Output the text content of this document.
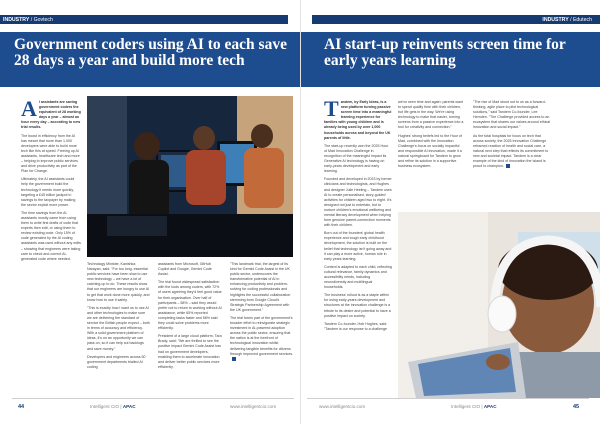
INDUSTRY / Govtech
Government coders using AI to each save 28 days a year and build more tech

A I assistants are saving government coders the equivalent of 28 working days a year – almost an hour every day – according to new trial results.

The boost in efficiency from the AI has meant that more than 1,000 developers were able to build more tech like this at speed. Freeing up AI assistants, healthcare tech and more – helping to improve public services and drive productivity as part of the Plan for Change.

Ultimately, the AI assistants could help the government build the technology it needs more quickly, targeting a £45 billion jackpot in savings to the taxpayer by making the sector exploit more power.

The time savings from the AI assistants mostly came from using them to write first drafts of code that experts then edit, or using them to review existing code. Only 15% of code generated by the AI coding assistants was used without any edits – showing that engineers were taking care to check and correct AI-generated code where needed.

Technology Minister, Kanishka Narayan, said: "For too long, essential public services have been slow to use new technology – we have a lot of catching up to do. These results show that our engineers are hungry to use AI to get that work done more quickly, and know how to use it safely.

"This is exactly how I want us to use AI and other technologies to make sure we are delivering the standard of service the British people expect – both in terms of accuracy and efficiency. With a solid government platform of ideas, it's on an opportunity we can pass on, so it can help cut backlogs and save money."

Developers and engineers across 50 government departments trialled AI coding

assistants from Microsoft, GitHub Copilot and Google, Gemini Code Assist.

The trial found widespread satisfaction with the tools among coders, with 72% of users agreeing they'd feel good value for their organisation. Over half of participants – 58% – said they would prefer not to return to working without AI assistance, while 65% reported completing tasks faster and 56% said they could solve problems more efficiently.

President of a large cloud platform, Tara Brady, said: "We are thrilled to see the positive impact Gemini Code Assist has had on government developers, enabling them to accelerate innovation and deliver better public services more efficiently.

"This landmark trial, the largest of its kind for Gemini Code Assist in the UK public sector, underscores the transformative potential of AI in enhancing productivity and problem-solving for coding professionals and highlights the successful collaboration stemming from Google Cloud's Strategic Partnership Agreement with the UK government."

The trial forms part of the government's broader effort to reinvigorate strategic investment in AI-powered adoption across the public sector, ensuring that the nation is at the forefront of technological innovation whilst delivering tangible benefits for citizens through improved government services.

44	Intelligent CIO | APAC	www.intelligentcio.com
INDUSTRY / Edutech
AI start-up reinvents screen time for early years learning

Tandem, by Early Ideas, is a new platform turning passive screen time into a meaningful learning experience for families with young children and is already being used by over 1,000 households across and beyond the UK parents of little.

The start-up recently won the 2025 Hour of Mad Innovation Challenge in recognition of the meaningful impact its Generative AI technology is having on early-years development and early learning.

Founded and developed in 2023 by former clinicians and technologists, and Hughes and designer Julie Heeling – Tandem uses AI to create personalised, story-guided activities for children aged two to eight. It's designed not just to entertain, but to nurture children's emotional wellbeing and mental literacy development when helping form genuine parent-connection moments with their children.

Born out of the founders' global health experience and tough early childhood development, the solution is built on the belief that technology isn't going away and it can play a more active, human role in early years learning.

Content is adapted to each child, reflecting cultural relevance, family dynamics and accessibility needs, including neurodiversity and multilingual households.

The business' rollout is as a staple within for using early-years development and structures at the innovation challenge is a tribute to its desire and potential to have a positive impact on society.

Tandem Co-founder, Hob Hughes, said: "Tandem is our response to a challenge

we've seen time and again: parents want to spend quality time with their children, but life gets in the way. We're using technology to make that easier, turning screens from a passive experience into a tool for creativity and connection."

Hughes' strong beliefs led to the Hour of Mad, combined with the Innovation Challenge's focus on socially impactful and responsible AI innovation, made it a natural springboard for Tandem to grow and refine its solution in a supportive business ecosystem.

"The rise of Mad stood out to us as a forward-thinking, agile place to pilot technological solutions," said Tandem Co-founder, Lee Hernden. "The Challenge provided access to an ecosystem that shares our values around ethical innovation and social impact."

As the total hospitals for focus on tech that across society, the 2025 Innovation Challenge reframed reaction of health and social care, a natural next step that reflects its commitment to new and societal impact. Tandem is a clear example of the kind of innovation the Island is proud to champion.

www.intelligentcio.com	Intelligent CIO | APAC	45
